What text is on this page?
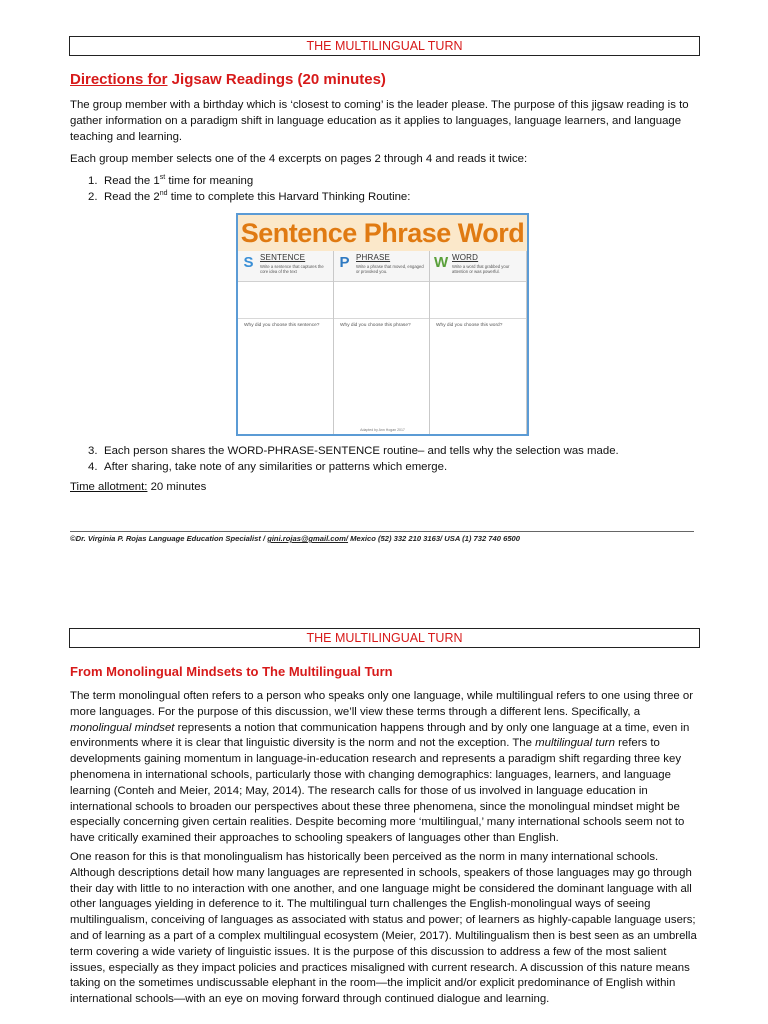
THE MULTILINGUAL TURN
Directions for Jigsaw Readings (20 minutes)

The group member with a birthday which is ‘closest to coming’ is the leader please. The purpose of this jigsaw reading is to gather information on a paradigm shift in language education as it applies to languages, language learners, and language teaching and learning.

Each group member selects one of the 4 excerpts on pages 2 through 4 and reads it twice:

1. Read the 1st time for meaning
2. Read the 2nd time to complete this Harvard Thinking Routine:
Sentence Phrase Word
S SENTENCE
Write a sentence that captures the core idea of the text
Why did you choose this sentence?
P PHRASE
Write a phrase that moved, engaged or provoked you.
Why did you choose this phrase?
W WORD
Write a word that grabbed your attention or was powerful.
Why did you choose this word?
Adapted by Ann Hogan 2017
3. Each person shares the WORD-PHRASE-SENTENCE routine– and tells why the selection was made.
4. After sharing, take note of any similarities or patterns which emerge.
Time allotment: 20 minutes
©Dr. Virginia P. Rojas Language Education Specialist / gini.rojas@gmail.com/ Mexico (52) 332 210 3163/ USA (1) 732 740 6500
THE MULTILINGUAL TURN
From Monolingual Mindsets to The Multilingual Turn

The term monolingual often refers to a person who speaks only one language, while multilingual refers to one using three or more languages. For the purpose of this discussion, we’ll view these terms through a different lens. Specifically, a monolingual mindset represents a notion that communication happens through and by only one language at a time, even in environments where it is clear that linguistic diversity is the norm and not the exception. The multilingual turn refers to developments gaining momentum in language-in-education research and represents a paradigm shift regarding three key phenomena in international schools, particularly those with changing demographics: languages, learners, and language learning (Conteh and Meier, 2014; May, 2014). The research calls for those of us involved in language education in international schools to broaden our perspectives about these three phenomena, since the monolingual mindset might be especially concerning given certain realities. Despite becoming more ‘multilingual,’ many international schools seem not to have critically examined their approaches to schooling speakers of languages other than English.

One reason for this is that monolingualism has historically been perceived as the norm in many international schools. Although descriptions detail how many languages are represented in schools, speakers of those languages may go through their day with little to no interaction with one another, and one language might be considered the dominant language with all other languages yielding in deference to it. The multilingual turn challenges the English-monolingual ways of seeing multilingualism, conceiving of languages as associated with status and power; of learners as highly-capable language users; and of learning as a part of a complex multilingual ecosystem (Meier, 2017). Multilingualism then is best seen as an umbrella term covering a wide variety of linguistic issues. It is the purpose of this discussion to address a few of the most salient issues, especially as they impact policies and practices misaligned with current research. A discussion of this nature means taking on the sometimes undiscussable elephant in the room—the implicit and/or explicit predominance of English within international schools—with an eye on moving forward through continued dialogue and learning.
